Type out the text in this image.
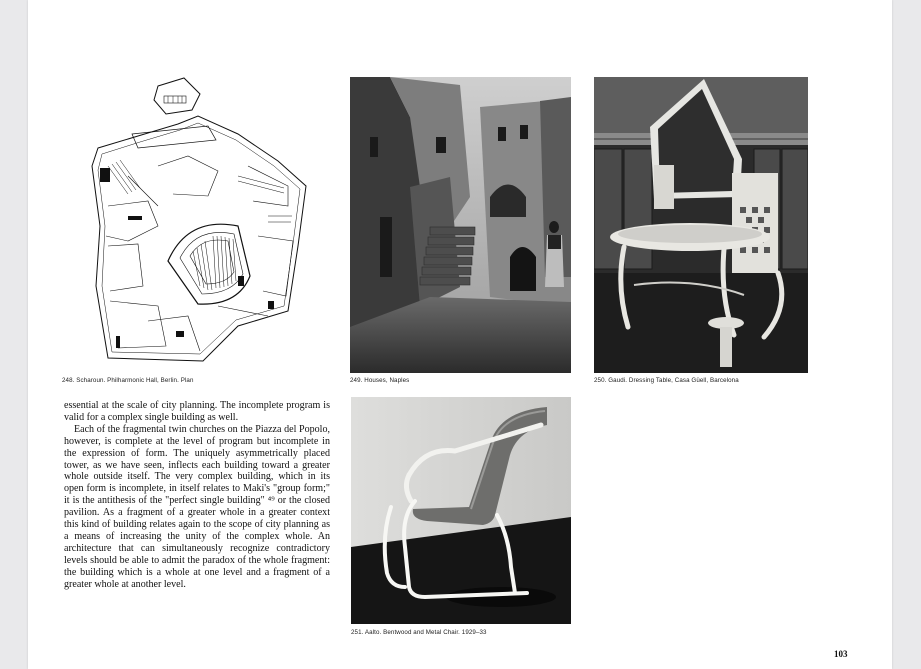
248. Scharoun. Philharmonic Hall, Berlin. Plan	249. Houses, Naples	250. Gaudi. Dressing Table, Casa Güell, Barcelona
251. Aalto. Bentwood and Metal Chair. 1929–33

essential at the scale of city planning. The incomplete program is valid for a complex single building as well.

Each of the fragmental twin churches on the Piazza del Popolo, however, is complete at the level of program but incomplete in the expression of form. The uniquely asymmetrically placed tower, as we have seen, inflects each building toward a greater whole outside itself. The very complex building, which in its open form is incomplete, in itself relates to Maki's "group form;" it is the antithesis of the "perfect single building" ⁴⁹ or the closed pavilion. As a fragment of a greater whole in a greater context this kind of building relates again to the scope of city planning as a means of increasing the unity of the complex whole. An architecture that can simultaneously recognize contradictory levels should be able to admit the paradox of the whole fragment: the building which is a whole at one level and a fragment of a greater whole at another level.

103
